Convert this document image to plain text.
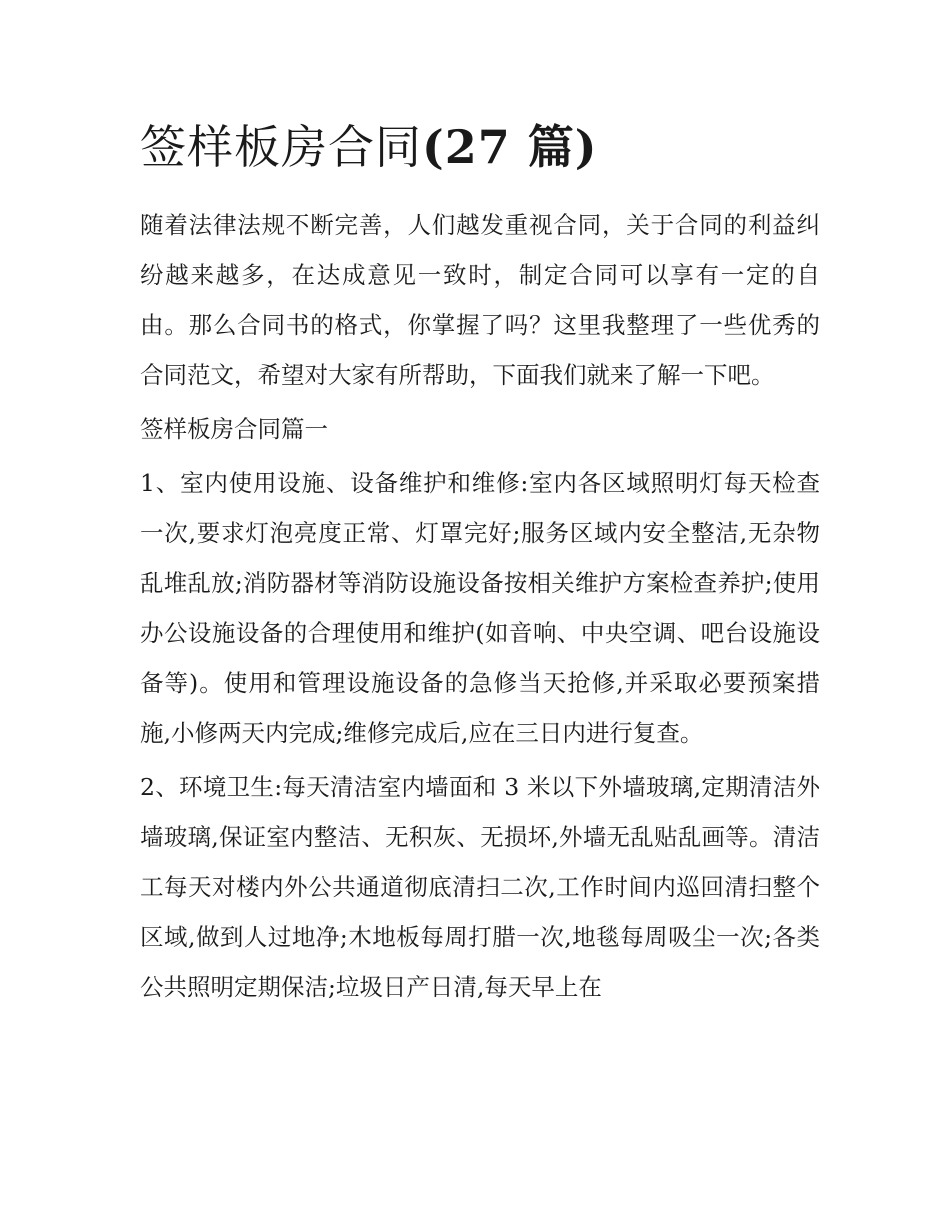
签样板房合同(27 篇)

随着法律法规不断完善，人们越发重视合同，关于合同的利益纠纷越来越多，在达成意见一致时，制定合同可以享有一定的自由。那么合同书的格式，你掌握了吗？这里我整理了一些优秀的合同范文，希望对大家有所帮助，下面我们就来了解一下吧。

签样板房合同篇一

1、室内使用设施、设备维护和维修:室内各区域照明灯每天检查一次,要求灯泡亮度正常、灯罩完好;服务区域内安全整洁,无杂物乱堆乱放;消防器材等消防设施设备按相关维护方案检查养护;使用办公设施设备的合理使用和维护(如音响、中央空调、吧台设施设备等)。使用和管理设施设备的急修当天抢修,并采取必要预案措施,小修两天内完成;维修完成后,应在三日内进行复查。

2、环境卫生:每天清洁室内墙面和 3 米以下外墙玻璃,定期清洁外墙玻璃,保证室内整洁、无积灰、无损坏,外墙无乱贴乱画等。清洁工每天对楼内外公共通道彻底清扫二次,工作时间内巡回清扫整个区域,做到人过地净;木地板每周打腊一次,地毯每周吸尘一次;各类公共照明定期保洁;垃圾日产日清,每天早上在
